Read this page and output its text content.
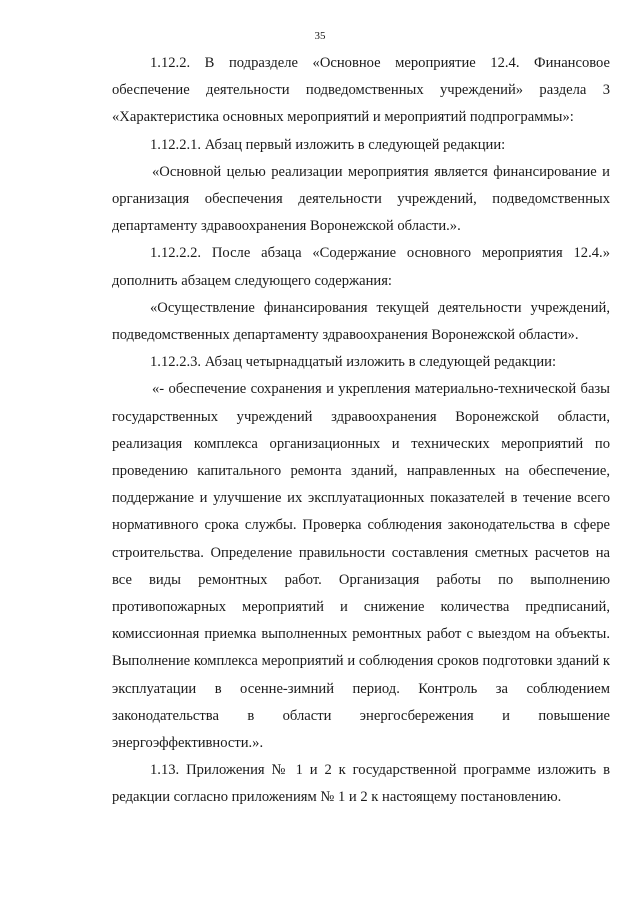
35

1.12.2. В подразделе «Основное мероприятие 12.4. Финансовое обеспечение деятельности подведомственных учреждений» раздела 3 «Характеристика основных мероприятий и мероприятий подпрограммы»:

1.12.2.1. Абзац первый изложить в следующей редакции:

«Основной целью реализации мероприятия является финансирование и организация обеспечения деятельности учреждений, подведомственных департаменту здравоохранения Воронежской области.».

1.12.2.2. После абзаца «Содержание основного мероприятия 12.4.» дополнить абзацем следующего содержания:

«Осуществление финансирования текущей деятельности учреждений, подведомственных департаменту здравоохранения Воронежской области».

1.12.2.3. Абзац четырнадцатый изложить в следующей редакции:

«- обеспечение сохранения и укрепления материально-технической базы государственных учреждений здравоохранения Воронежской области, реализация комплекса организационных и технических мероприятий по проведению капитального ремонта зданий, направленных на обеспечение, поддержание и улучшение их эксплуатационных показателей в течение всего нормативного срока службы. Проверка соблюдения законодательства в сфере строительства. Определение правильности составления сметных расчетов на все виды ремонтных работ. Организация работы по выполнению противопожарных мероприятий и снижение количества предписаний, комиссионная приемка выполненных ремонтных работ с выездом на объекты. Выполнение комплекса мероприятий и соблюдения сроков подготовки зданий к эксплуатации в осенне-зимний период. Контроль за соблюдением законодательства в области энергосбережения и повышение энергоэффективности.».

1.13. Приложения № 1 и 2 к государственной программе изложить в редакции согласно приложениям № 1 и 2 к настоящему постановлению.
